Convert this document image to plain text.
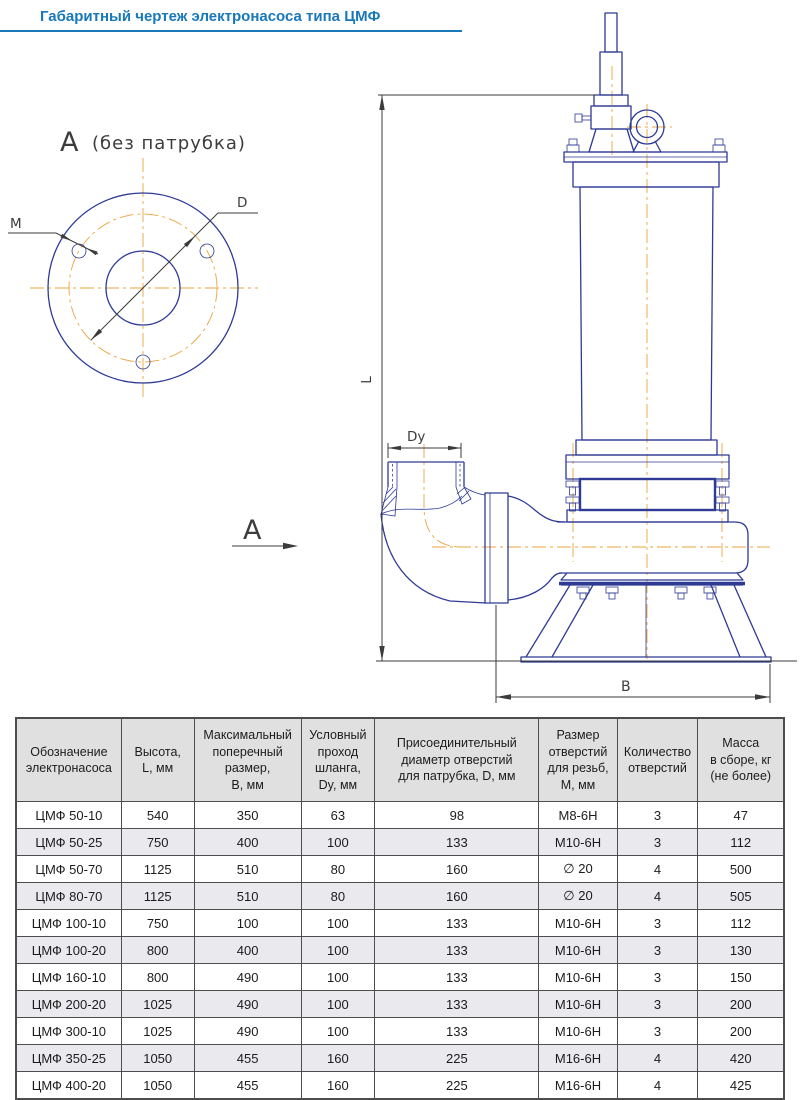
Габаритный чертеж электронасоса типа ЦМФ
А (без патрубка)
D
М
А
L
Dy
В
Обозначение
электронасоса	Высота,
L, мм	Максимальный
поперечный
размер,
В, мм	Условный
проход
шланга,
Dy, мм	Присоединительный
диаметр отверстий
для патрубка, D, мм	Размер
отверстий
для резьб,
М, мм	Количество
отверстий	Масса
в сборе, кг
(не более)
ЦМФ 50-10	540	350	63	98	М8-6Н	3	47
ЦМФ 50-25	750	400	100	133	М10-6Н	3	112
ЦМФ 50-70	1125	510	80	160	∅ 20	4	500
ЦМФ 80-70	1125	510	80	160	∅ 20	4	505
ЦМФ 100-10	750	100	100	133	М10-6Н	3	112
ЦМФ 100-20	800	400	100	133	М10-6Н	3	130
ЦМФ 160-10	800	490	100	133	М10-6Н	3	150
ЦМФ 200-20	1025	490	100	133	М10-6Н	3	200
ЦМФ 300-10	1025	490	100	133	М10-6Н	3	200
ЦМФ 350-25	1050	455	160	225	М16-6Н	4	420
ЦМФ 400-20	1050	455	160	225	М16-6Н	4	425
